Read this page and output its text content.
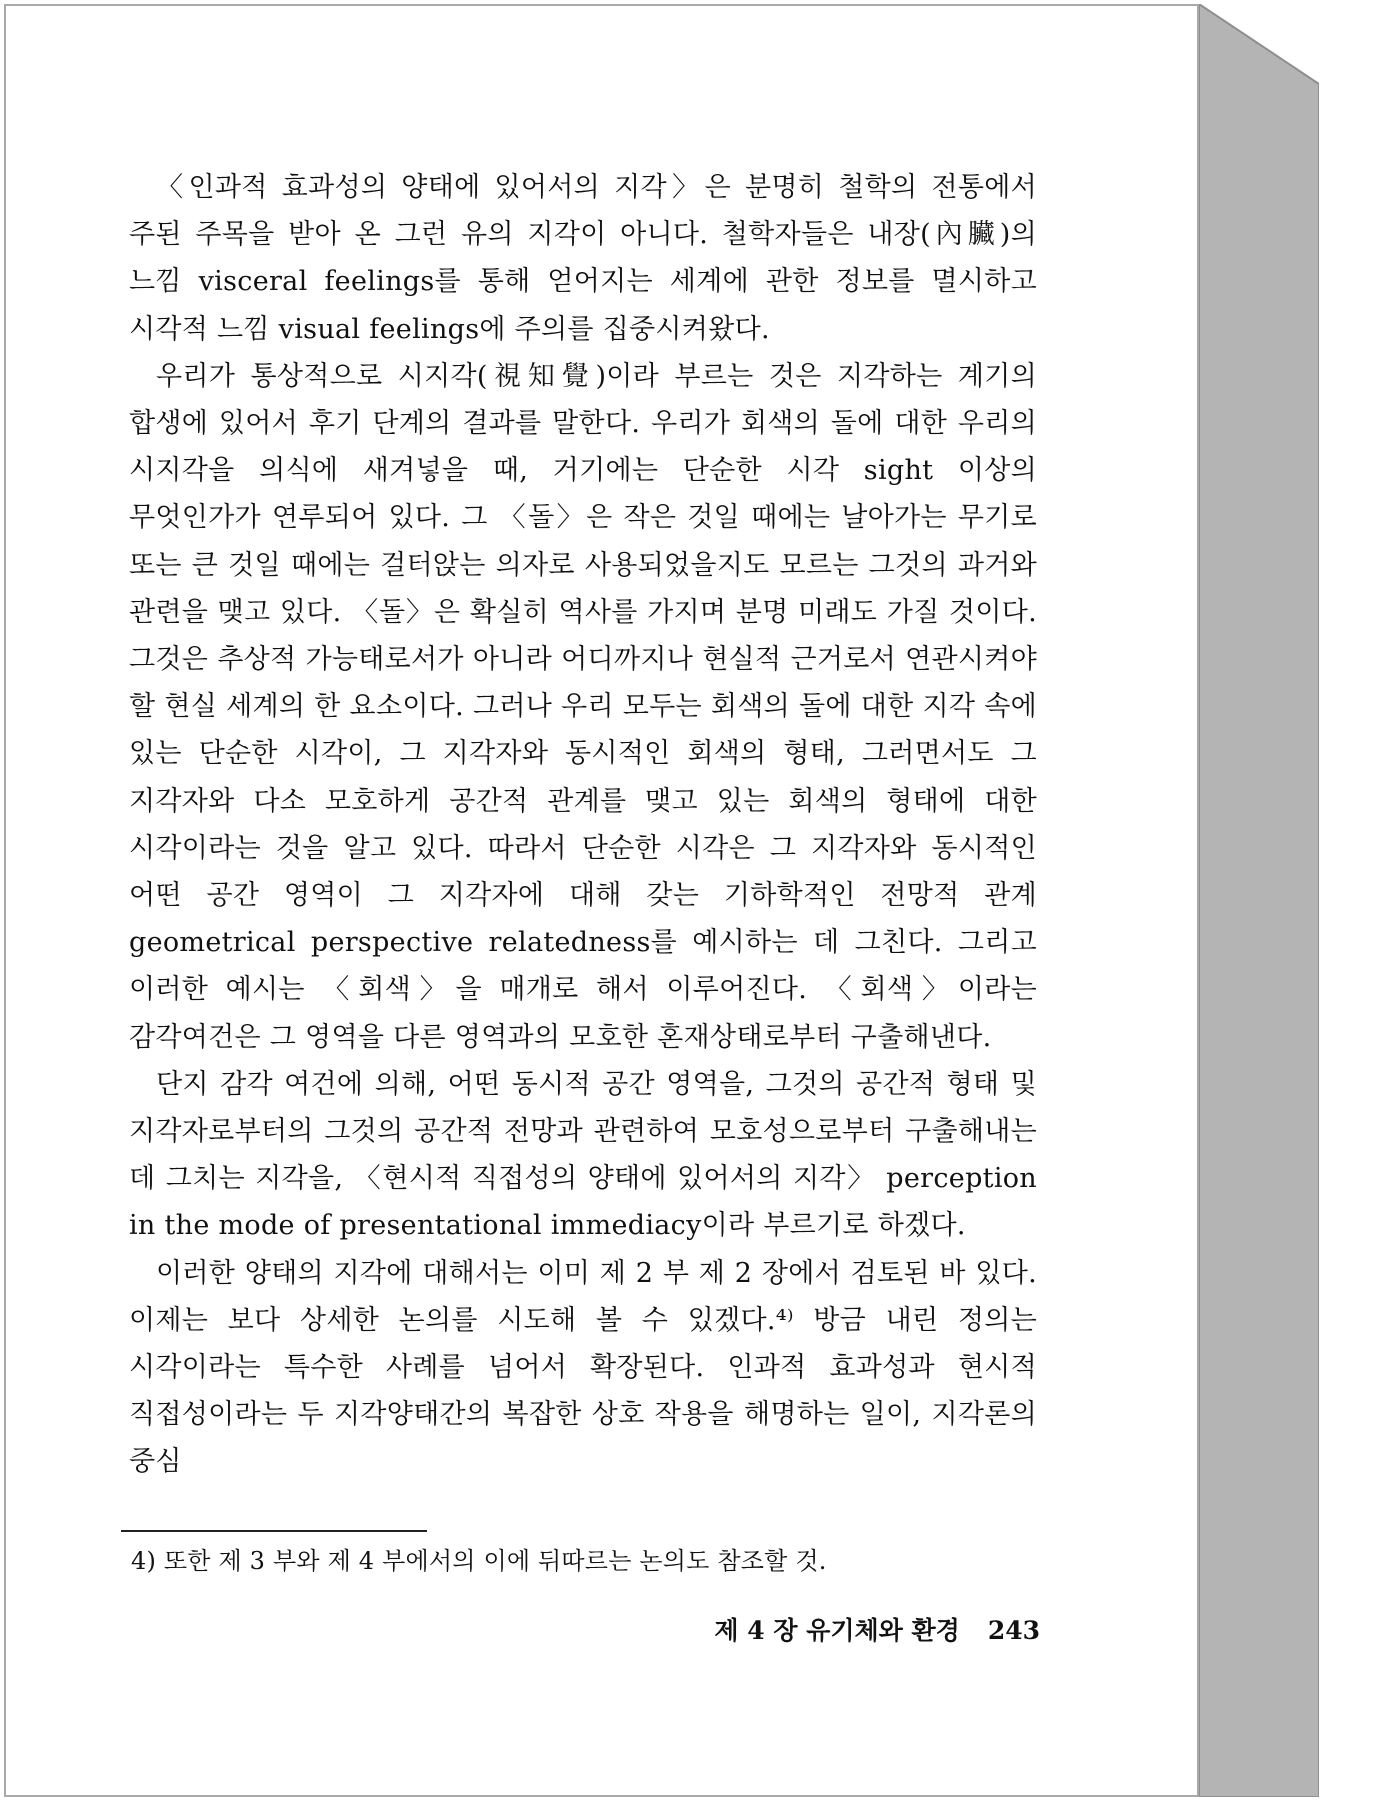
〈인과적 효과성의 양태에 있어서의 지각〉은 분명히 철학의 전통에서 주된 주목을 받아 온 그런 유의 지각이 아니다. 철학자들은 내장(內臟)의 느낌 visceral feelings를 통해 얻어지는 세계에 관한 정보를 멸시하고 시각적 느낌 visual feelings에 주의를 집중시켜왔다.

우리가 통상적으로 시지각(視知覺)이라 부르는 것은 지각하는 계기의 합생에 있어서 후기 단계의 결과를 말한다. 우리가 회색의 돌에 대한 우리의 시지각을 의식에 새겨넣을 때, 거기에는 단순한 시각 sight 이상의 무엇인가가 연루되어 있다. 그 〈돌〉은 작은 것일 때에는 날아가는 무기로 또는 큰 것일 때에는 걸터앉는 의자로 사용되었을지도 모르는 그것의 과거와 관련을 맺고 있다. 〈돌〉은 확실히 역사를 가지며 분명 미래도 가질 것이다. 그것은 추상적 가능태로서가 아니라 어디까지나 현실적 근거로서 연관시켜야 할 현실 세계의 한 요소이다. 그러나 우리 모두는 회색의 돌에 대한 지각 속에 있는 단순한 시각이, 그 지각자와 동시적인 회색의 형태, 그러면서도 그 지각자와 다소 모호하게 공간적 관계를 맺고 있는 회색의 형태에 대한 시각이라는 것을 알고 있다. 따라서 단순한 시각은 그 지각자와 동시적인 어떤 공간 영역이 그 지각자에 대해 갖는 기하학적인 전망적 관계 geometrical perspective relatedness를 예시하는 데 그친다. 그리고 이러한 예시는 〈회색〉을 매개로 해서 이루어진다. 〈회색〉이라는 감각여건은 그 영역을 다른 영역과의 모호한 혼재상태로부터 구출해낸다.

단지 감각 여건에 의해, 어떤 동시적 공간 영역을, 그것의 공간적 형태 및 지각자로부터의 그것의 공간적 전망과 관련하여 모호성으로부터 구출해내는 데 그치는 지각을, 〈현시적 직접성의 양태에 있어서의 지각〉 perception in the mode of presentational immediacy이라 부르기로 하겠다.

이러한 양태의 지각에 대해서는 이미 제 2 부 제 2 장에서 검토된 바 있다. 이제는 보다 상세한 논의를 시도해 볼 수 있겠다.⁴⁾ 방금 내린 정의는 시각이라는 특수한 사례를 넘어서 확장된다. 인과적 효과성과 현시적 직접성이라는 두 지각양태간의 복잡한 상호 작용을 해명하는 일이, 지각론의 중심

4) 또한 제 3 부와 제 4 부에서의 이에 뒤따르는 논의도 참조할 것.
제 4 장 유기체와 환경 243
